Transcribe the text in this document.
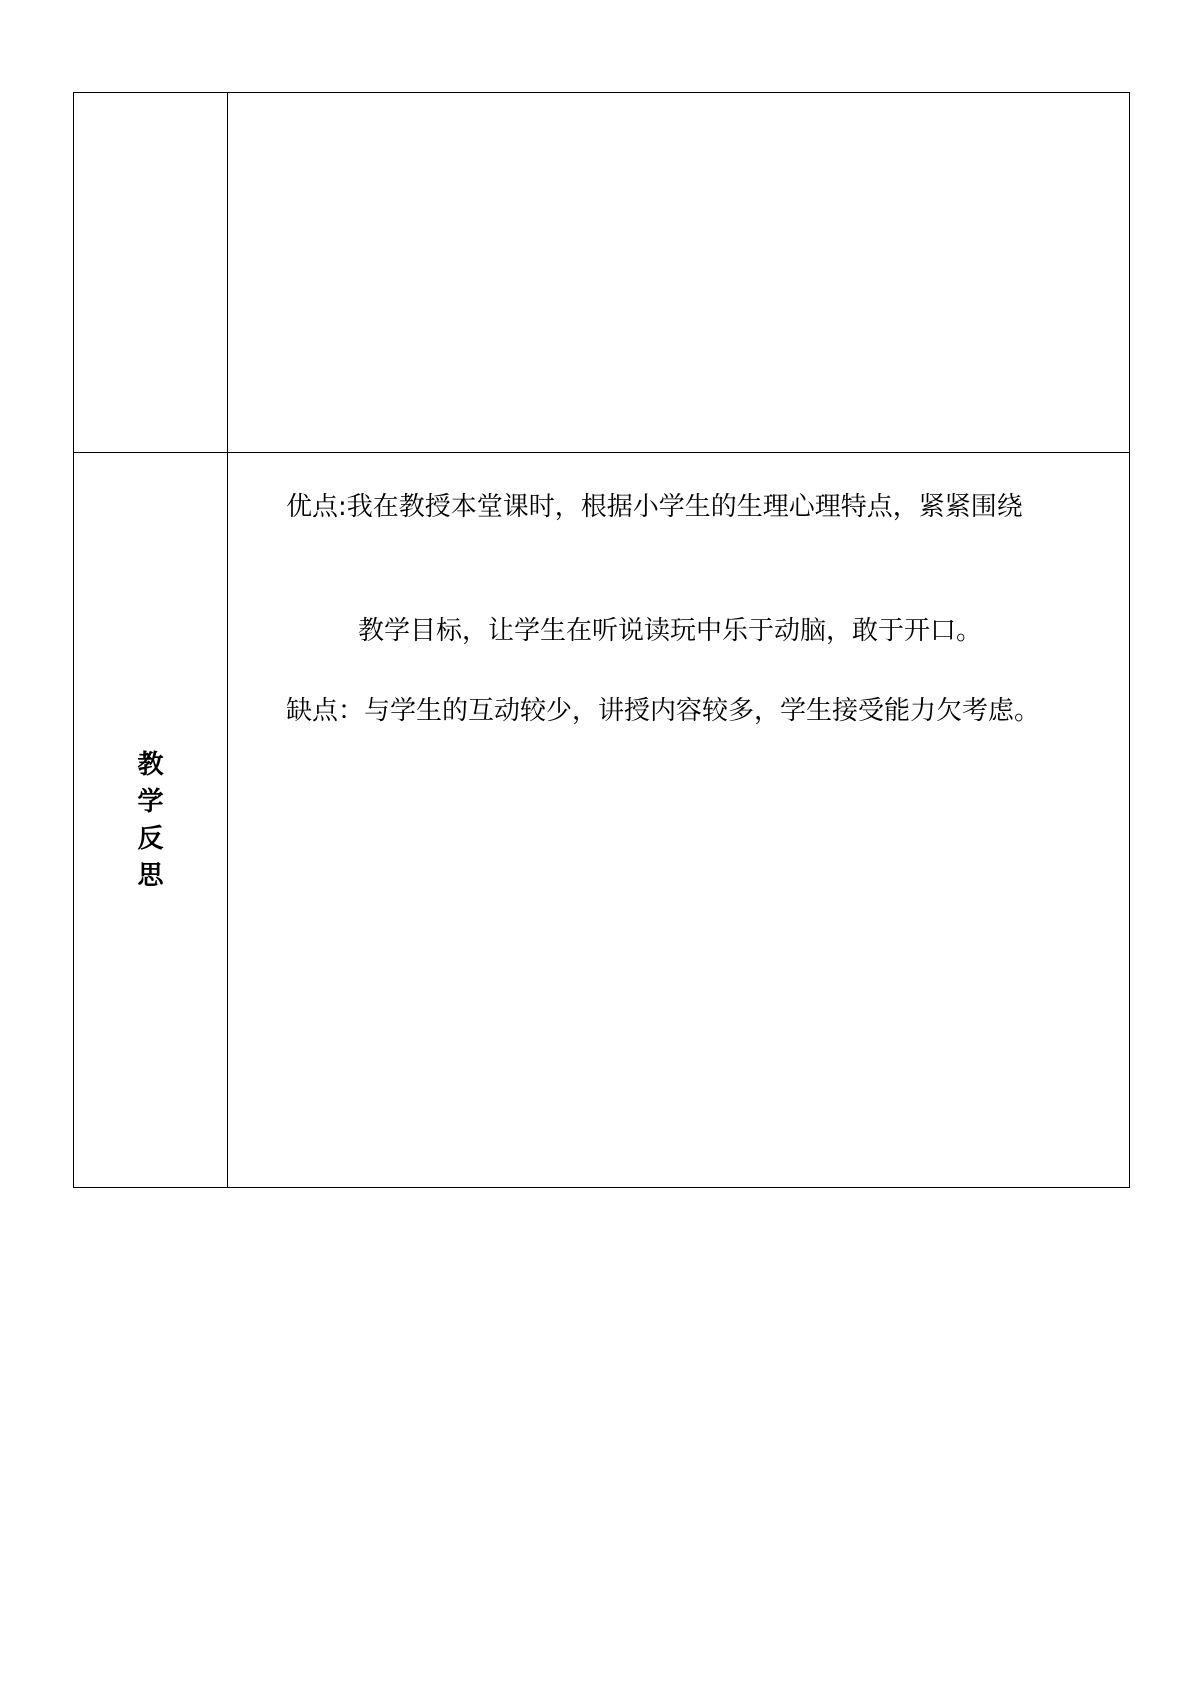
教学反思	优点:我在教授本堂课时，根据小学生的生理心理特点，紧紧围绕
教学目标，让学生在听说读玩中乐于动脑，敢于开口。
缺点：与学生的互动较少，讲授内容较多，学生接受能力欠考虑。
